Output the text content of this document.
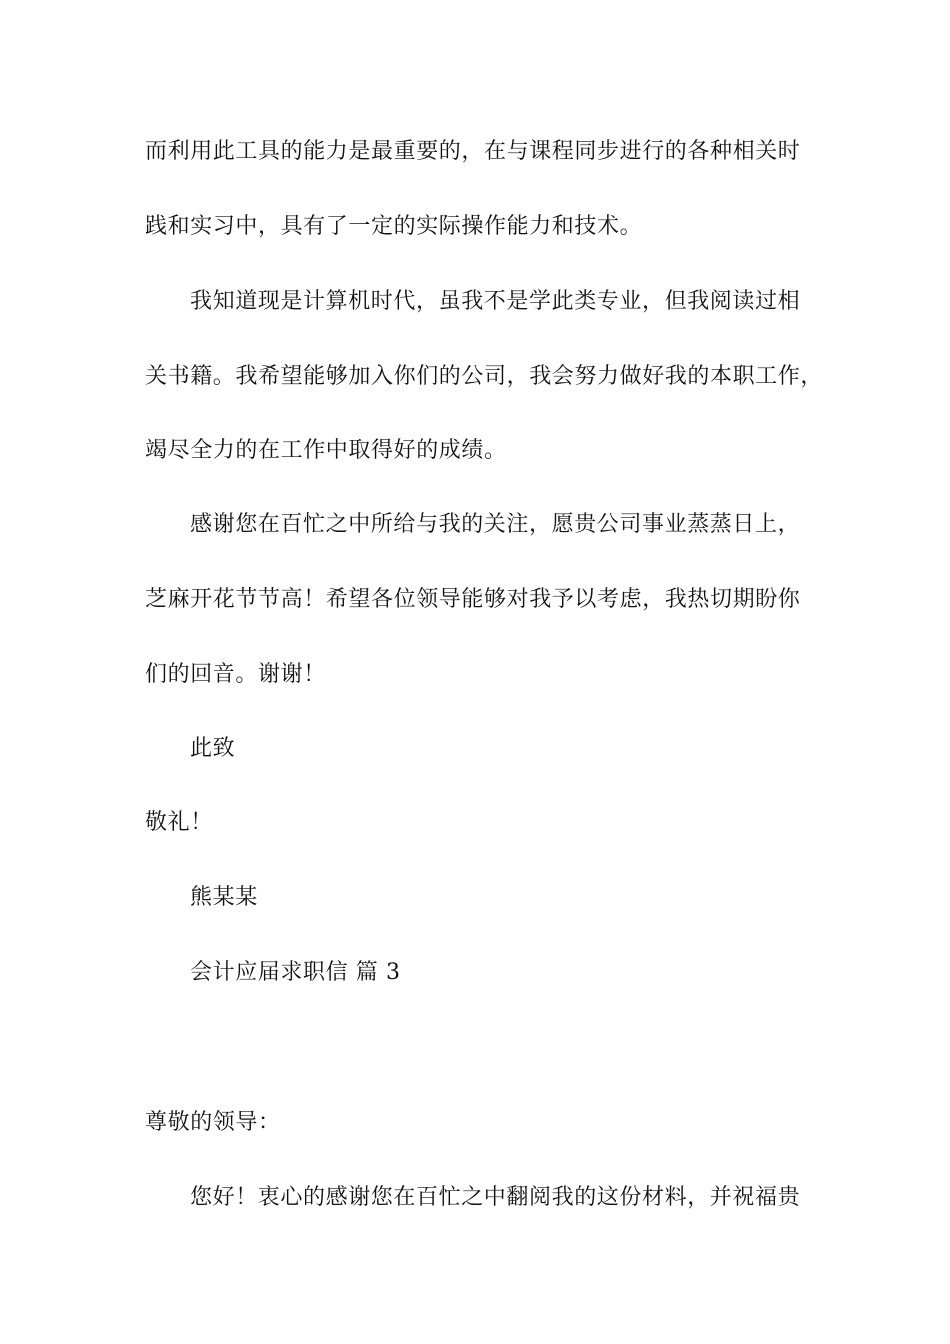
而利用此工具的能力是最重要的，在与课程同步进行的各种相关时
践和实习中，具有了一定的实际操作能力和技术。
我知道现是计算机时代，虽我不是学此类专业，但我阅读过相
关书籍。我希望能够加入你们的公司，我会努力做好我的本职工作，
竭尽全力的在工作中取得好的成绩。
感谢您在百忙之中所给与我的关注，愿贵公司事业蒸蒸日上，
芝麻开花节节高！希望各位领导能够对我予以考虑，我热切期盼你
们的回音。谢谢！
此致
敬礼！
熊某某
会计应届求职信 篇 3
尊敬的领导：
您好！衷心的感谢您在百忙之中翻阅我的这份材料，并祝福贵
